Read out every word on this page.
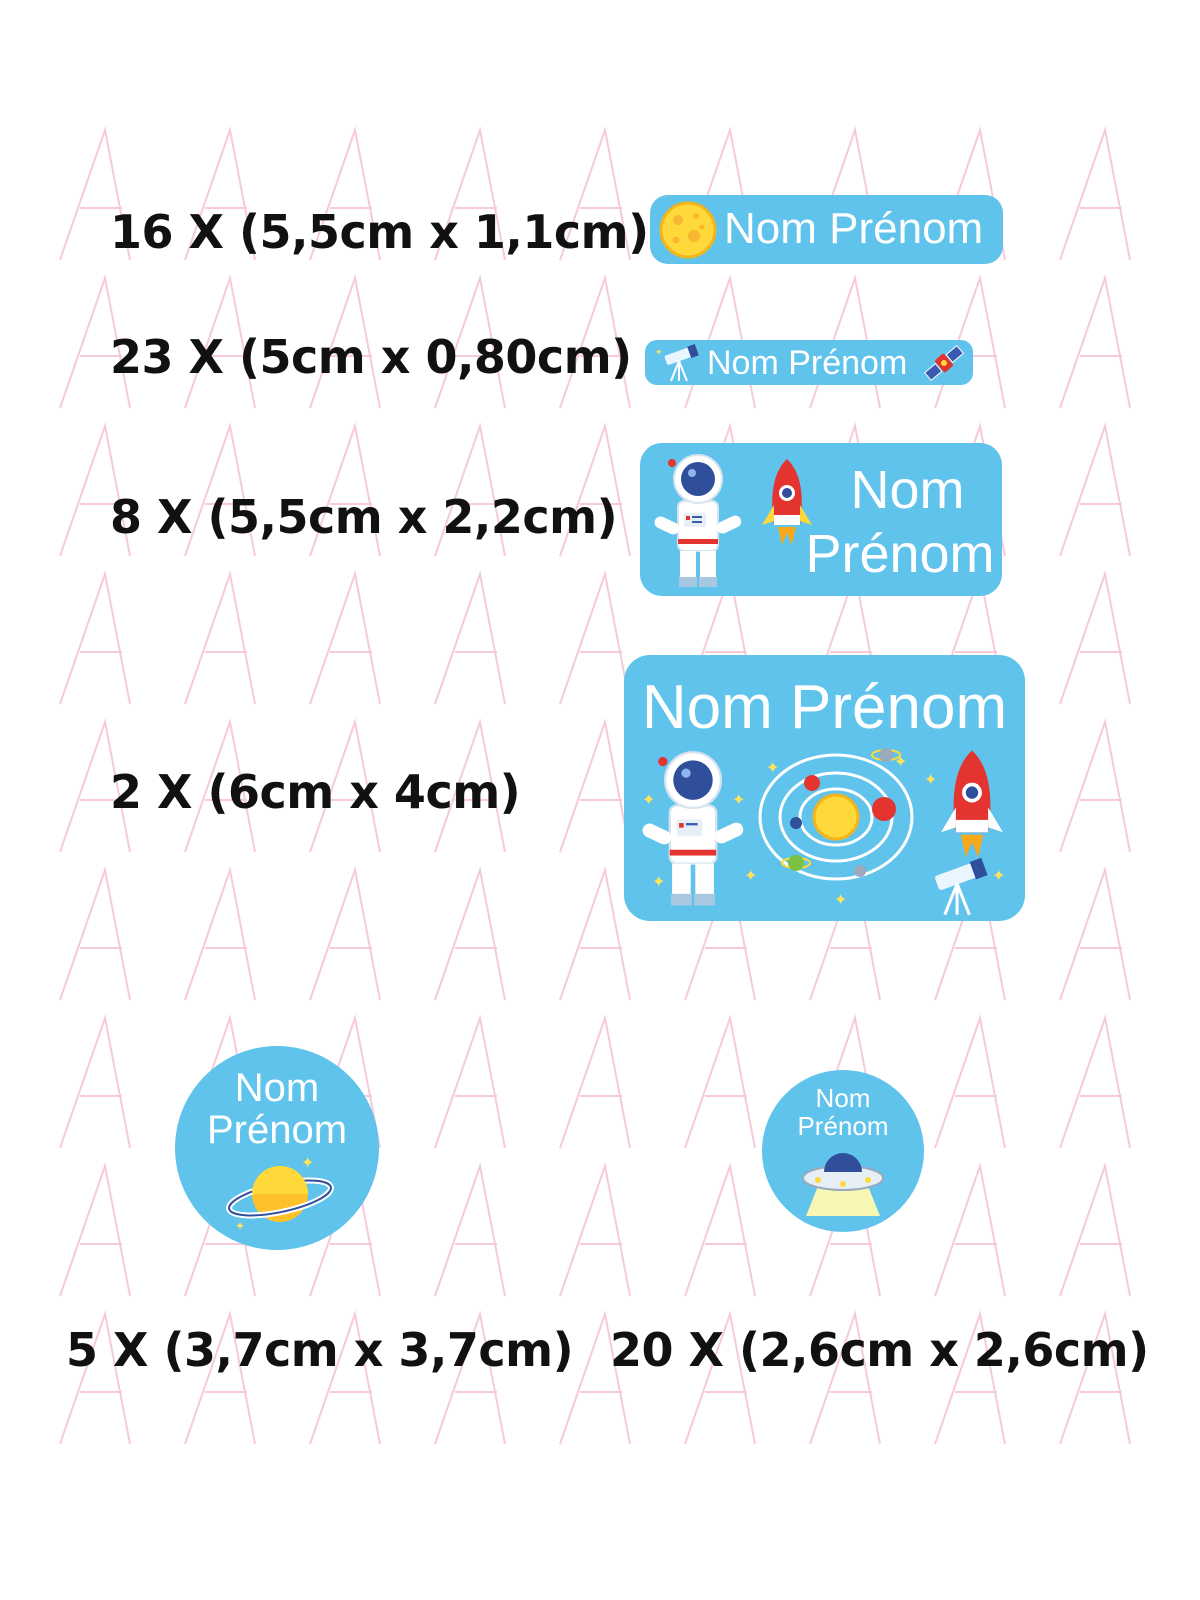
16 X (5,5cm x 1,1cm) Nom Prénom

23 X (5cm x 0,80cm)	✦ Nom Prénom

8 X (5,5cm x 2,2cm)	Nom
Prénom

2 X (6cm x 4cm)

Nom Prénom
✦	✦
✦	✦
✦
✦
✦	✦	✦
Nom
Prénom
✦
✦

5 X (3,7cm x 3,7cm)

Nom
Prénom

20 X (2,6cm x 2,6cm)
